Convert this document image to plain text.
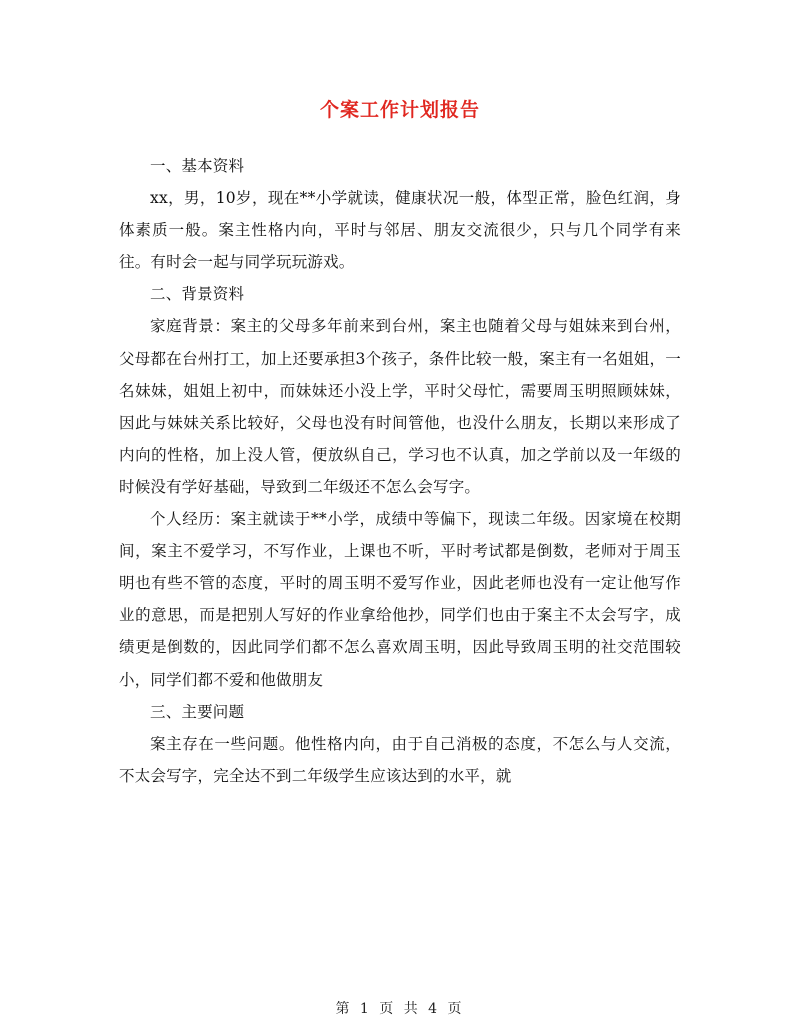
个案工作计划报告

一、基本资料

xx，男，10岁，现在**小学就读，健康状况一般，体型正常，脸色红润，身体素质一般。案主性格内向，平时与邻居、朋友交流很少，只与几个同学有来往。有时会一起与同学玩玩游戏。

二、背景资料

家庭背景：案主的父母多年前来到台州，案主也随着父母与姐妹来到台州，父母都在台州打工，加上还要承担3个孩子，条件比较一般，案主有一名姐姐，一名妹妹，姐姐上初中，而妹妹还小没上学，平时父母忙，需要周玉明照顾妹妹，因此与妹妹关系比较好，父母也没有时间管他，也没什么朋友，长期以来形成了内向的性格，加上没人管，便放纵自己，学习也不认真，加之学前以及一年级的时候没有学好基础，导致到二年级还不怎么会写字。

个人经历：案主就读于**小学，成绩中等偏下，现读二年级。因家境在校期间，案主不爱学习，不写作业，上课也不听，平时考试都是倒数，老师对于周玉明也有些不管的态度，平时的周玉明不爱写作业，因此老师也没有一定让他写作业的意思，而是把别人写好的作业拿给他抄，同学们也由于案主不太会写字，成绩更是倒数的，因此同学们都不怎么喜欢周玉明，因此导致周玉明的社交范围较小，同学们都不爱和他做朋友

三、主要问题

案主存在一些问题。他性格内向，由于自己消极的态度，不怎么与人交流，不太会写字，完全达不到二年级学生应该达到的水平，就

第 1 页 共 4 页
